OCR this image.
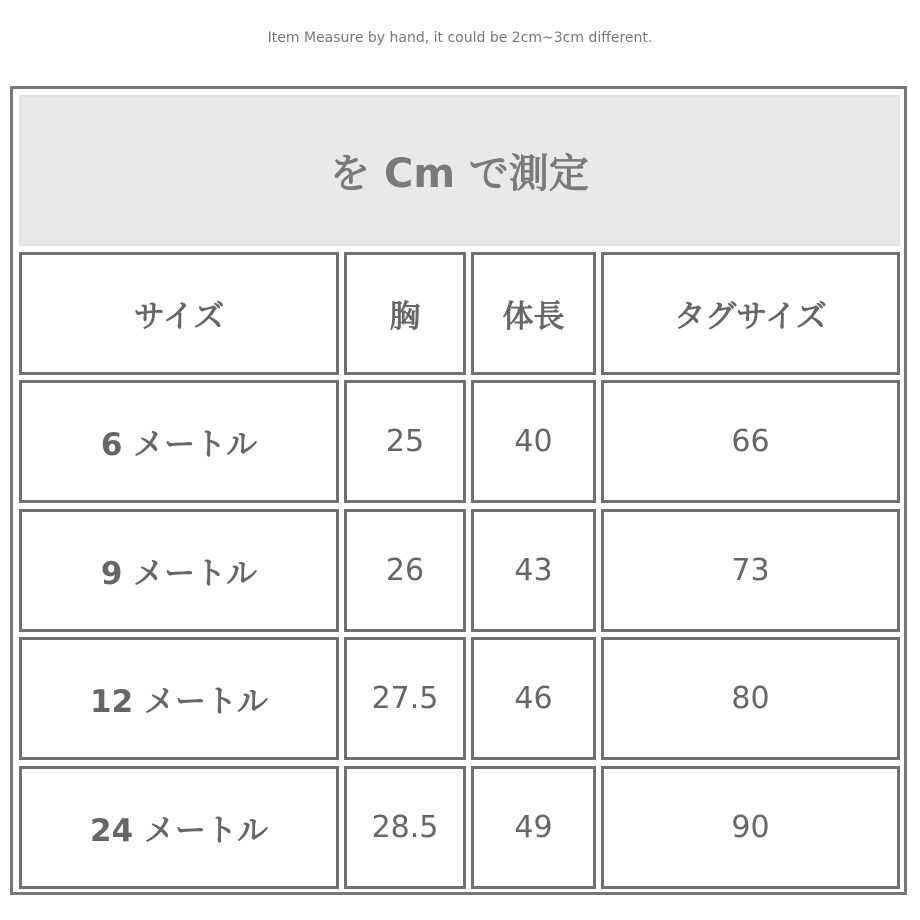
Item Measure by hand, it could be 2cm~3cm different.
を Cm で測定
サイズ	胸	体長	タグサイズ
6 メートル	25	40	66
9 メートル	26	43	73
12 メートル	27.5	46	80
24 メートル	28.5	49	90
